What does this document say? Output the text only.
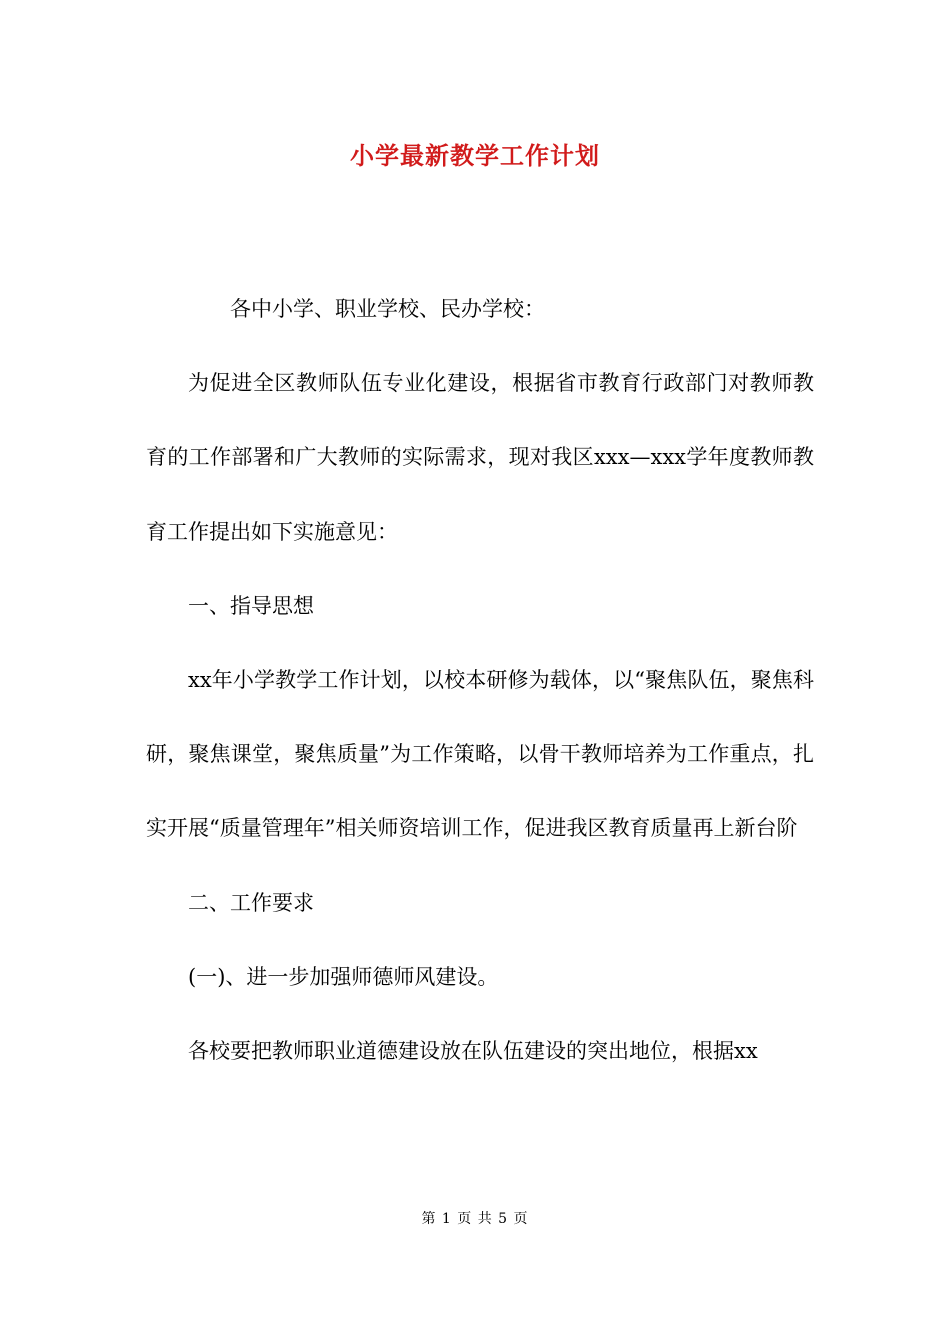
小学最新教学工作计划

各中小学、职业学校、民办学校：

为促进全区教师队伍专业化建设，根据省市教育行政部门对教师教育的工作部署和广大教师的实际需求，现对我区xxx—xxx学年度教师教育工作提出如下实施意见：

一、指导思想

xx年小学教学工作计划，以校本研修为载体，以“聚焦队伍，聚焦科研，聚焦课堂，聚焦质量”为工作策略，以骨干教师培养为工作重点，扎实开展“质量管理年”相关师资培训工作，促进我区教育质量再上新台阶

二、工作要求

(一)、进一步加强师德师风建设。

各校要把教师职业道德建设放在队伍建设的突出地位，根据xx

第 1 页 共 5 页
